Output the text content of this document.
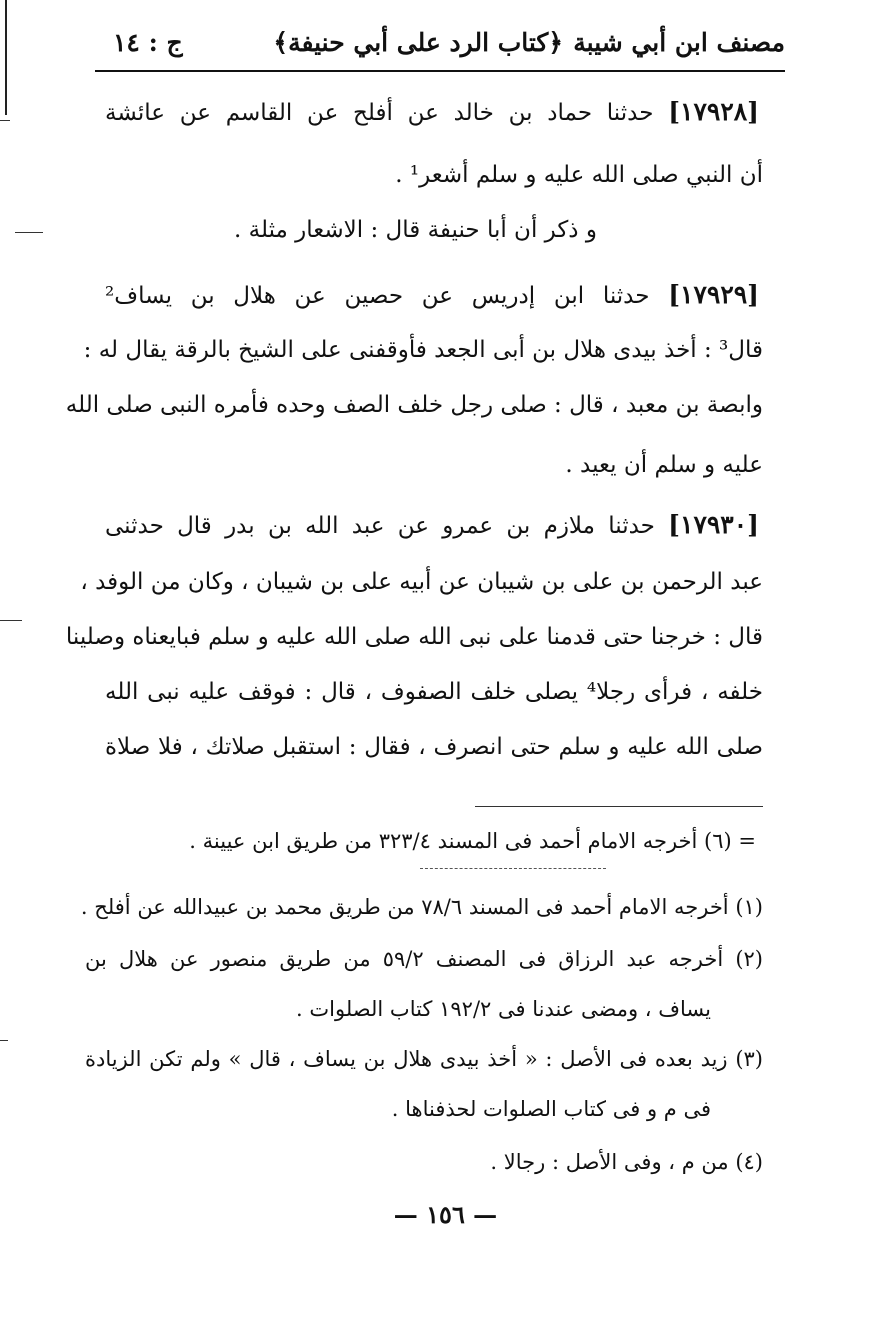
مصنف ابن أبي شيبة
﴿كتاب الرد على أبي حنيفة﴾
ج : ١٤
[١٧٩٢٨] حدثنا حماد بن خالد عن أفلح عن القاسم عن عائشة
أن النبي صلى الله عليه و سلم أشعر¹ .
و ذكر أن أبا حنيفة قال : الاشعار مثلة .
[١٧٩٢٩] حدثنا ابن إدريس عن حصين عن هلال بن يساف²
قال³ : أخذ بيدى هلال بن أبى الجعد فأوقفنى على الشيخ بالرقة يقال له :
وابصة بن معبد ، قال : صلى رجل خلف الصف وحده فأمره النبى صلى الله
عليه و سلم أن يعيد .
[١٧٩٣٠] حدثنا ملازم بن عمرو عن عبد الله بن بدر قال حدثنى
عبد الرحمن بن على بن شيبان عن أبيه على بن شيبان ، وكان من الوفد ،
قال : خرجنا حتى قدمنا على نبى الله صلى الله عليه و سلم فبايعناه وصلينا
خلفه ، فرأى رجلا⁴ يصلى خلف الصفوف ، قال : فوقف عليه نبى الله
صلى الله عليه و سلم حتى انصرف ، فقال : استقبل صلاتك ، فلا صلاة
= (٦) أخرجه الامام أحمد فى المسند ٣٢٣/٤ من طريق ابن عيينة .
(١) أخرجه الامام أحمد فى المسند ٧٨/٦ من طريق محمد بن عبيدالله عن أفلح .
(٢) أخرجه عبد الرزاق فى المصنف ٥٩/٢ من طريق منصور عن هلال بن
يساف ، ومضى عندنا فى ١٩٢/٢ كتاب الصلوات .
(٣) زيد بعده فى الأصل : « أخذ بيدى هلال بن يساف ، قال » ولم تكن الزيادة
فى م و فى كتاب الصلوات لحذفناها .
(٤) من م ، وفى الأصل : رجالا .
— ١٥٦ —
